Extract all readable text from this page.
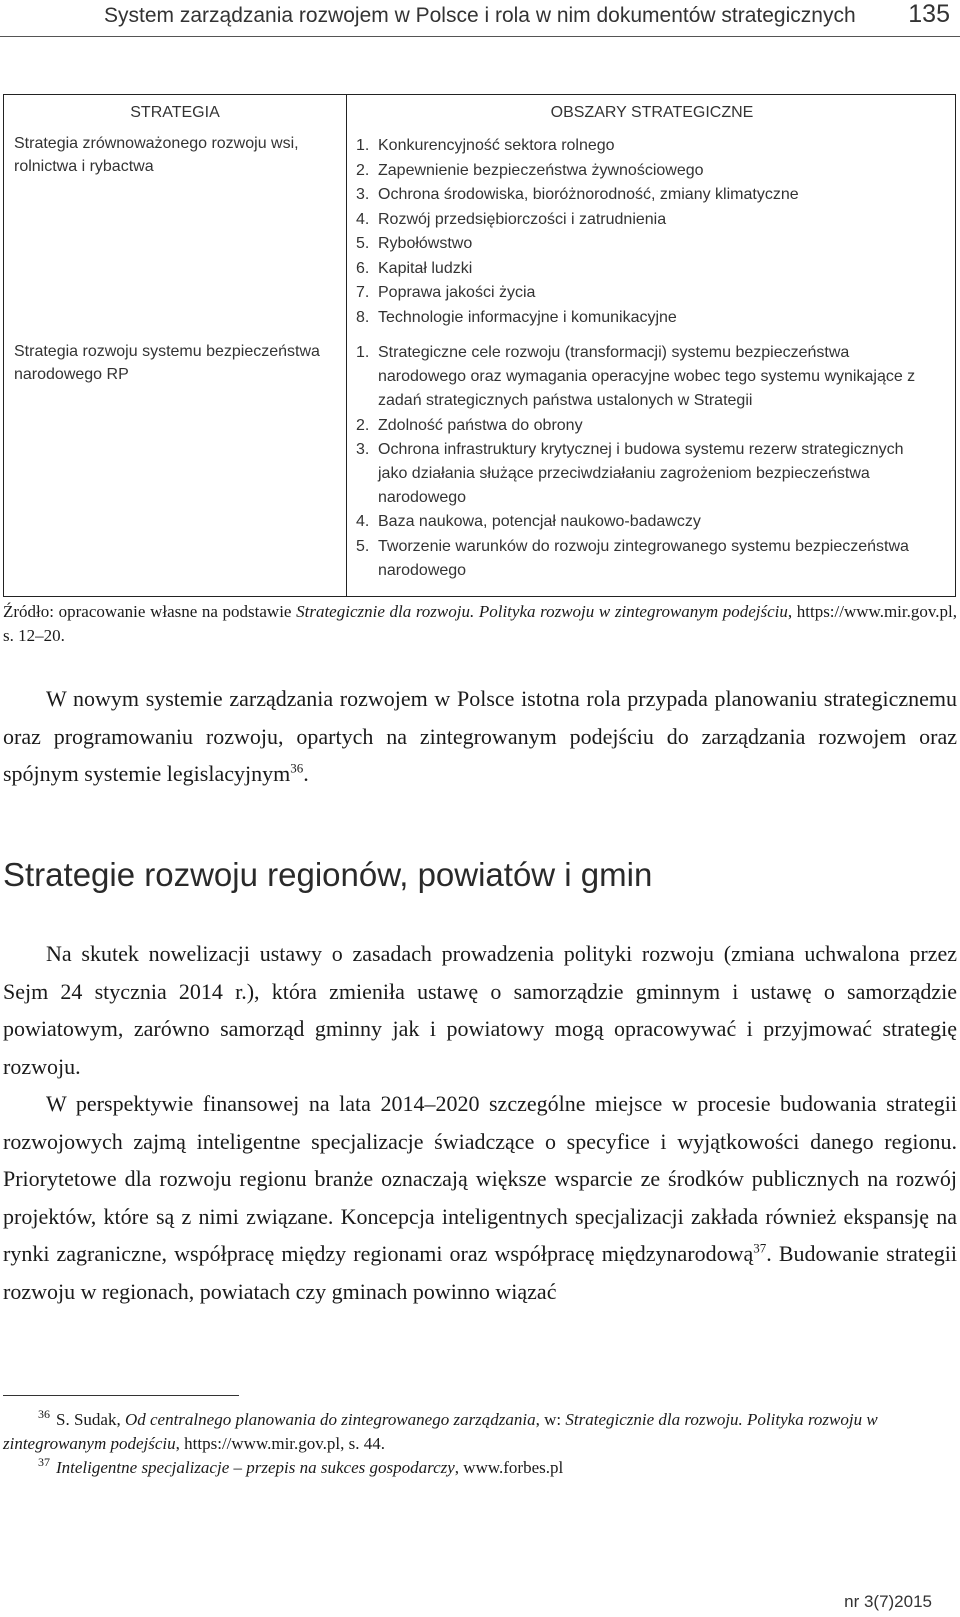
System zarządzania rozwojem w Polsce i rola w nim dokumentów strategicznych 135
STRATEGIA	OBSZARY STRATEGICZNE
Strategia zrównoważonego rozwoju wsi, rolnictwa i rybactwa
1. Konkurencyjność sektora rolnego
2. Zapewnienie bezpieczeństwa żywnościowego
3. Ochrona środowiska, bioróżnorodność, zmiany klimatyczne
4. Rozwój przedsiębiorczości i zatrudnienia
5. Rybołówstwo
6. Kapitał ludzki
7. Poprawa jakości życia
8. Technologie informacyjne i komunikacyjne
Strategia rozwoju systemu bezpieczeństwa narodowego RP
1. Strategiczne cele rozwoju (transformacji) systemu bezpieczeństwa narodowego oraz wymagania operacyjne wobec tego systemu wynikające z zadań strategicznych państwa ustalonych w Strategii
2. Zdolność państwa do obrony
3. Ochrona infrastruktury krytycznej i budowa systemu rezerw strategicznych jako działania służące przeciwdziałaniu zagrożeniom bezpieczeństwa narodowego
4. Baza naukowa, potencjał naukowo-badawczy
5. Tworzenie warunków do rozwoju zintegrowanego systemu bezpieczeństwa narodowego
Źródło: opracowanie własne na podstawie Strategicznie dla rozwoju. Polityka rozwoju w zintegrowanym podejściu, https://www.mir.gov.pl, s. 12–20.

W nowym systemie zarządzania rozwojem w Polsce istotna rola przypada planowaniu strategicznemu oraz programowaniu rozwoju, opartych na zintegrowanym podejściu do zarządzania rozwojem oraz spójnym systemie legislacyjnym$^{36}$.

Strategie rozwoju regionów, powiatów i gmin

Na skutek nowelizacji ustawy o zasadach prowadzenia polityki rozwoju (zmiana uchwalona przez Sejm 24 stycznia 2014 r.), która zmieniła ustawę o samorządzie gminnym i ustawę o samorządzie powiatowym, zarówno samorząd gminny jak i powiatowy mogą opracowywać i przyjmować strategię rozwoju.

W perspektywie finansowej na lata 2014–2020 szczególne miejsce w procesie budowania strategii rozwojowych zajmą inteligentne specjalizacje świadczące o specyfice i wyjątkowości danego regionu. Priorytetowe dla rozwoju regionu branże oznaczają większe wsparcie ze środków publicznych na rozwój projektów, które są z nimi związane. Koncepcja inteligentnych specjalizacji zakłada również ekspansję na rynki zagraniczne, współpracę między regionami oraz współpracę międzynarodową$^{37}$. Budowanie strategii rozwoju w regionach, powiatach czy gminach powinno wiązać

$^{36}$ S. Sudak, Od centralnego planowania do zintegrowanego zarządzania, w: Strategicznie dla rozwoju. Polityka rozwoju w zintegrowanym podejściu, https://www.mir.gov.pl, s. 44.

$^{37}$ Inteligentne specjalizacje – przepis na sukces gospodarczy, www.forbes.pl

nr 3(7)2015
